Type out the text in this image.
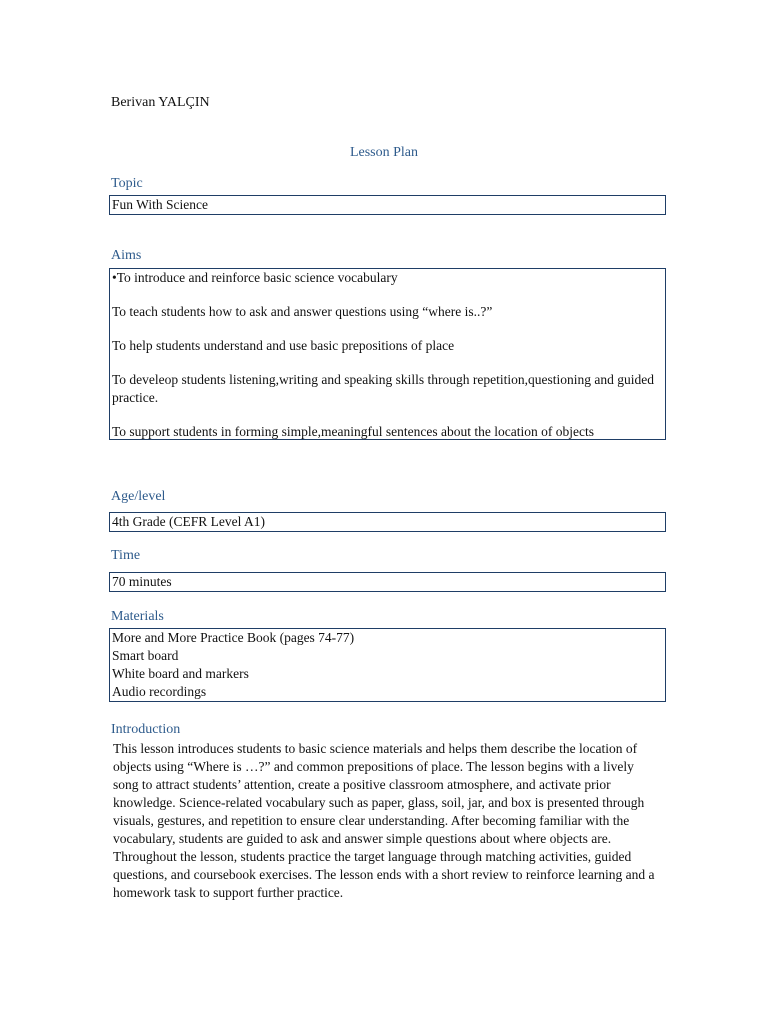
Berivan YALÇIN
Lesson Plan
Topic
Fun With Science
Aims
•To introduce and reinforce basic science vocabulary
To teach students how to ask and answer questions using “where is..?”
To help students understand and use basic prepositions of place
To develeop students listening,writing and speaking skills through repetition,questioning and guided practice.
To support students in forming simple,meaningful sentences about the location of objects
Age/level
4th Grade (CEFR Level A1)
Time
70 minutes
Materials
More and More Practice Book (pages 74-77)
Smart board
White board and markers
Audio recordings
Introduction
This lesson introduces students to basic science materials and helps them describe the location of objects using “Where is …?” and common prepositions of place. The lesson begins with a lively song to attract students’ attention, create a positive classroom atmosphere, and activate prior knowledge. Science-related vocabulary such as paper, glass, soil, jar, and box is presented through visuals, gestures, and repetition to ensure clear understanding. After becoming familiar with the vocabulary, students are guided to ask and answer simple questions about where objects are. Throughout the lesson, students practice the target language through matching activities, guided questions, and coursebook exercises. The lesson ends with a short review to reinforce learning and a homework task to support further practice.
